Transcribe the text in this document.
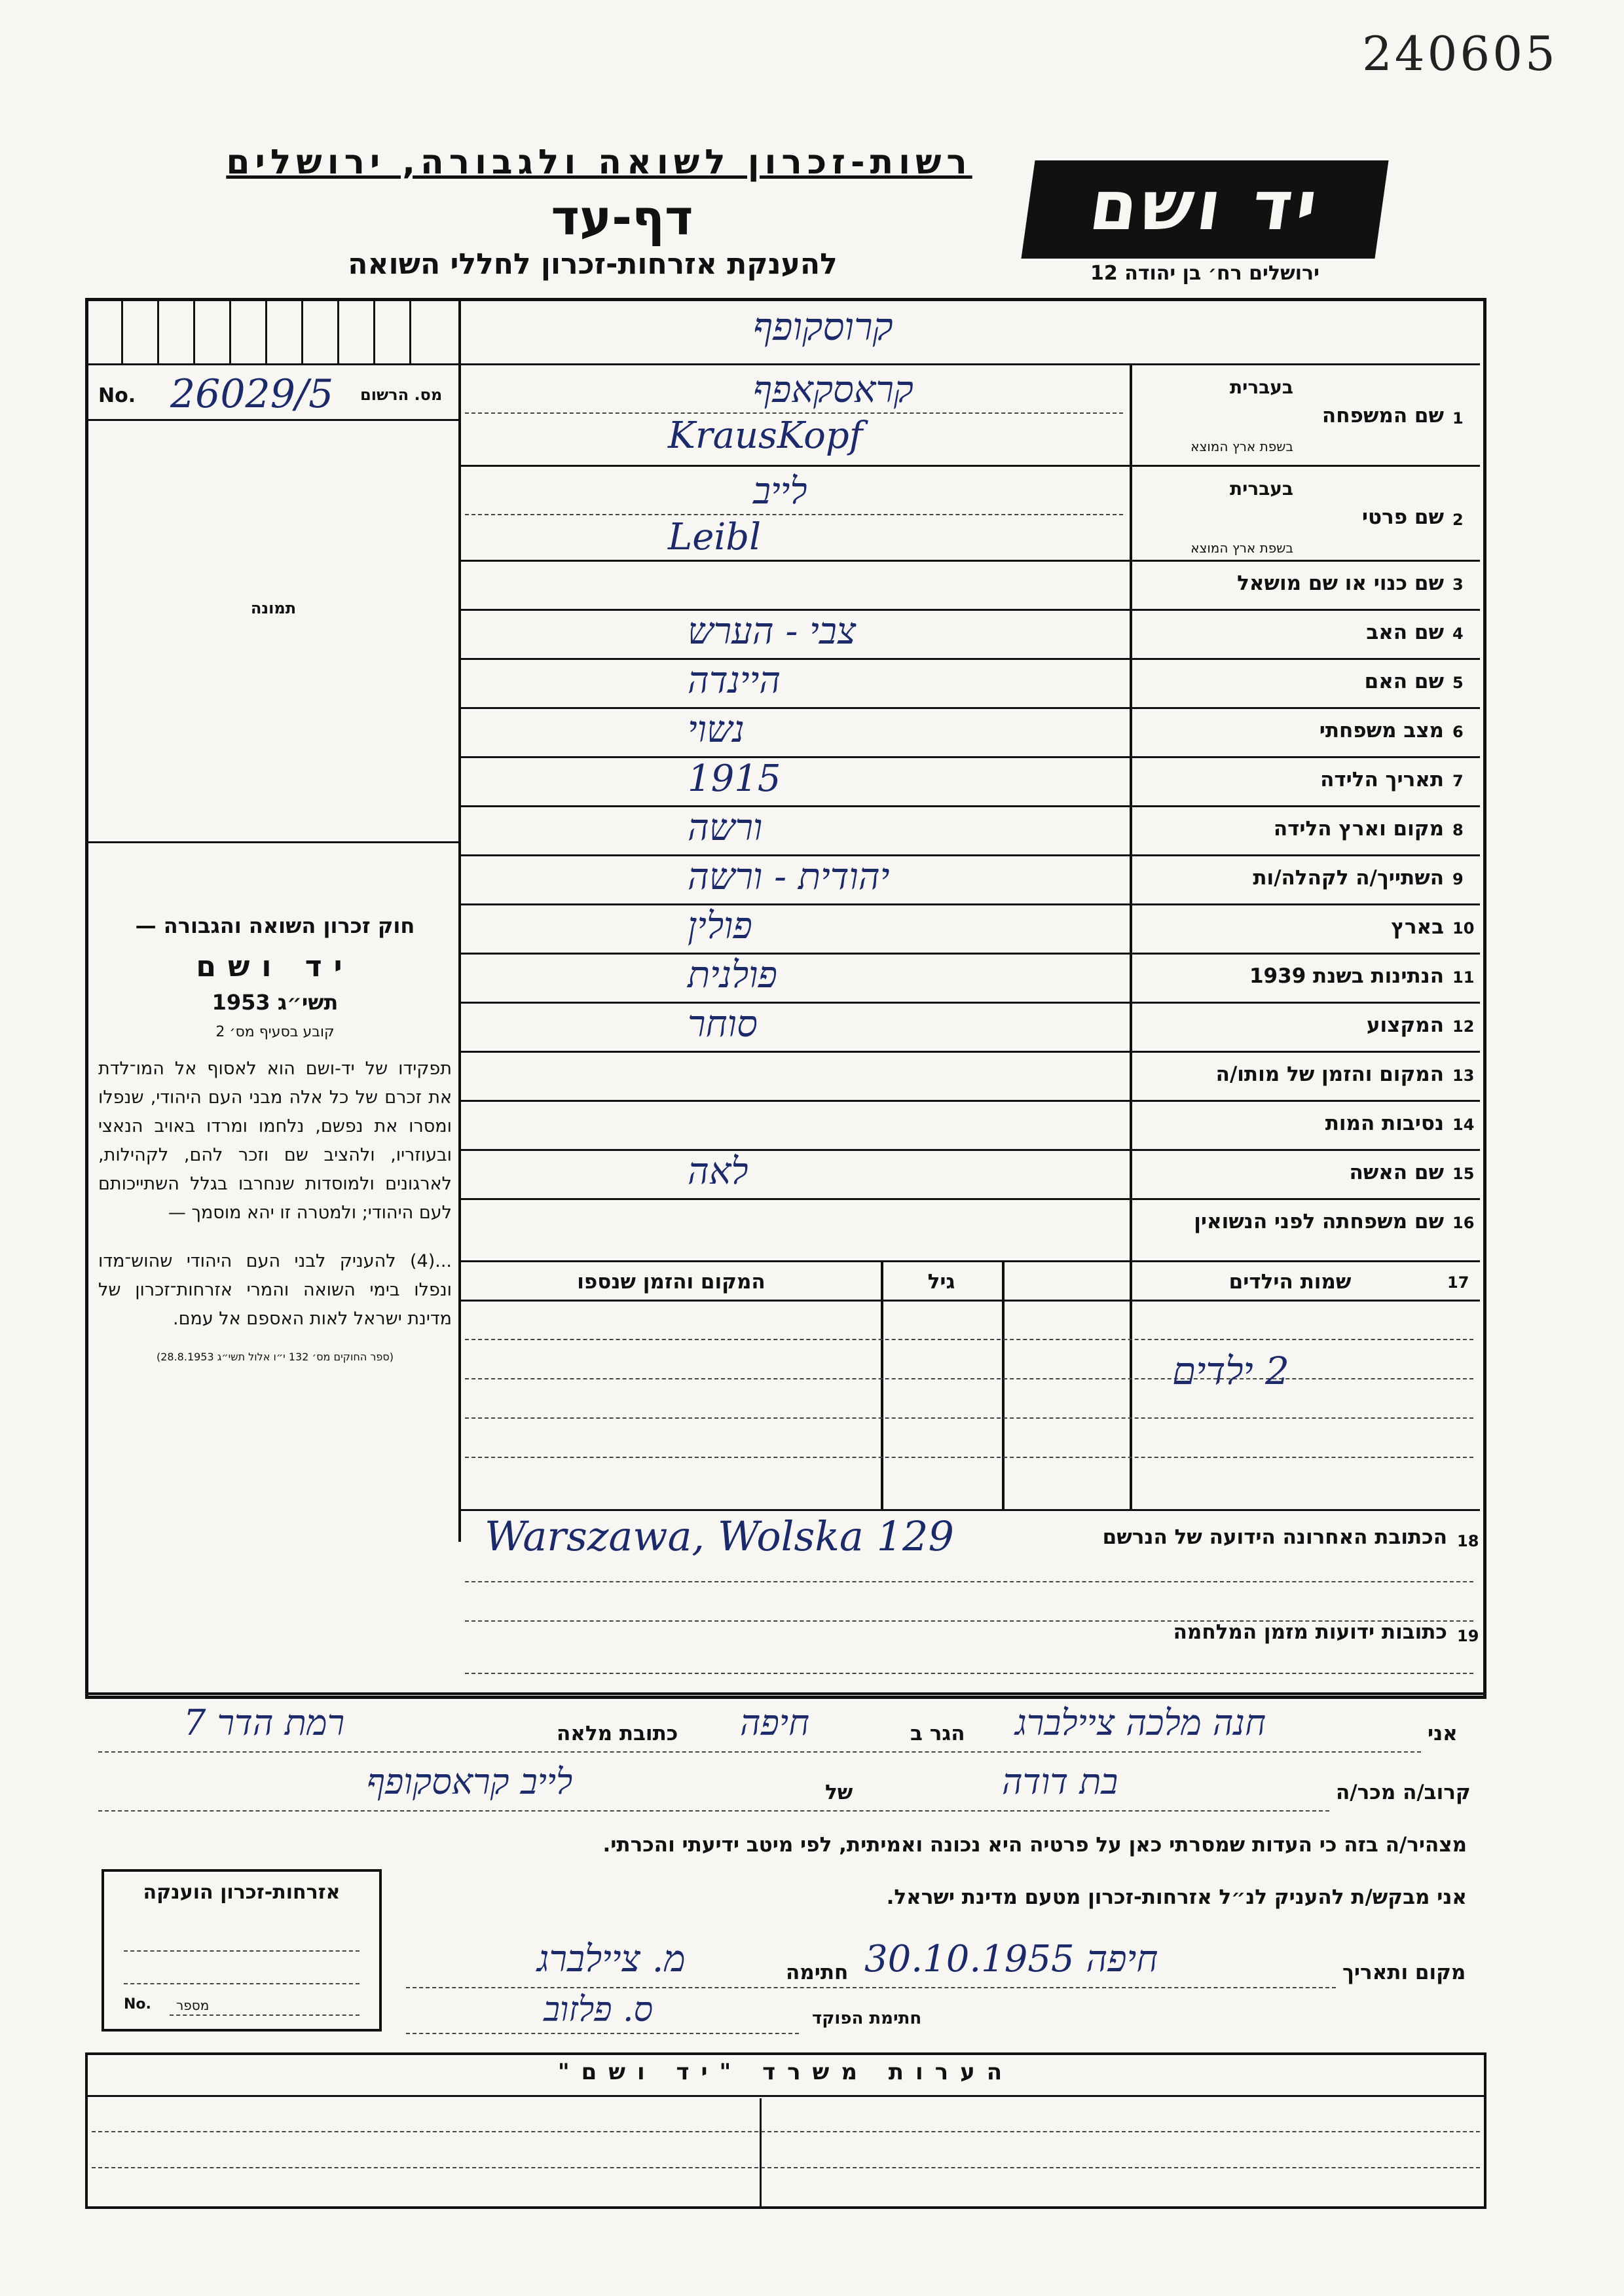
240605
רשות-זכרון לשואה ולגבורה, ירושלים
דף-עד
להענקת אזרחות-זכרון לחללי השואה
יד ושם
ירושלים רח׳ בן יהודה 12
קרוסקופף
No. 26029/5 מס. הרשום
תמונה
חוק זכרון השואה והגבורה —
יד ושם
תשי״ג 1953
קובע בסעיף מס׳ 2
תפקידו של יד-ושם הוא לאסוף אל המו־לדת את זכרם של כל אלה מבני העם היהודי, שנפלו ומסרו את נפשם, נלחמו ומרדו באויב הנאצי ובעוזריו, ולהציב שם וזכר להם, לקהילות, לארגונים ולמוסדות שנחרבו בגלל השתייכותם לעם היהודי; ולמטרה זו יהא מוסמך —
...(4) להעניק לבני העם היהודי שהוש־מדו ונפלו בימי השואה והמרי אזרחות־זכרון של מדינת ישראל לאות האספם אל עמם.
(ספר החוקים מס׳ 132 י״ו אלול תשי״ג 28.8.1953)
1
שם המשפחה
בעברית
בשפת ארץ המוצא
קראסקאפף
KrausKopf
2
שם פרטי
בעברית
בשפת ארץ המוצא
לייב
Leibl
3
שם כנוי או שם מושאל
4
שם האב
צבי - הערש
5
שם האם
היינדה
6
מצב משפחתי
נשוי
7
תאריך הלידה
1915
8
מקום וארץ הלידה
ורשה
9
השתייך/ה לקהלה/ות
יהודית - ורשה
10
בארץ
פולין
11
הנתינות בשנת 1939
פולנית
12
המקצוע
סוחר
13
המקום והזמן של מותו/ה
14
נסיבות המות
15
שם האשה
לאה
16
שם משפחתה לפני הנשואין
17
שמות הילדים
גיל
המקום והזמן שנספו
2 ילדים
18
הכתובת האחרונה הידועה של הנרשם
Warszawa, Wolska 129
19
כתובות ידועות מזמן המלחמה
אני
חנה מלכה ציילברג
הגר ב
חיפה
כתובת מלאה
רמת הדר 7
קרוב/ה מכר/ה
בת דודה
של
לייב קראסקופף
מצהיר/ה בזה כי העדות שמסרתי כאן על פרטיה היא נכונה ואמיתית, לפי מיטב ידיעתי והכרתי.
אני מבקש/ת להעניק לנ״ל אזרחות-זכרון מטעם מדינת ישראל.
מקום ותאריך
חיפה 30.10.1955
חתימה
מ. ציילברג
חתימת הפוקד
ס. פלזוב
אזרחות-זכרון הוענקה
No. מספר
הערות משרד "יד ושם"
